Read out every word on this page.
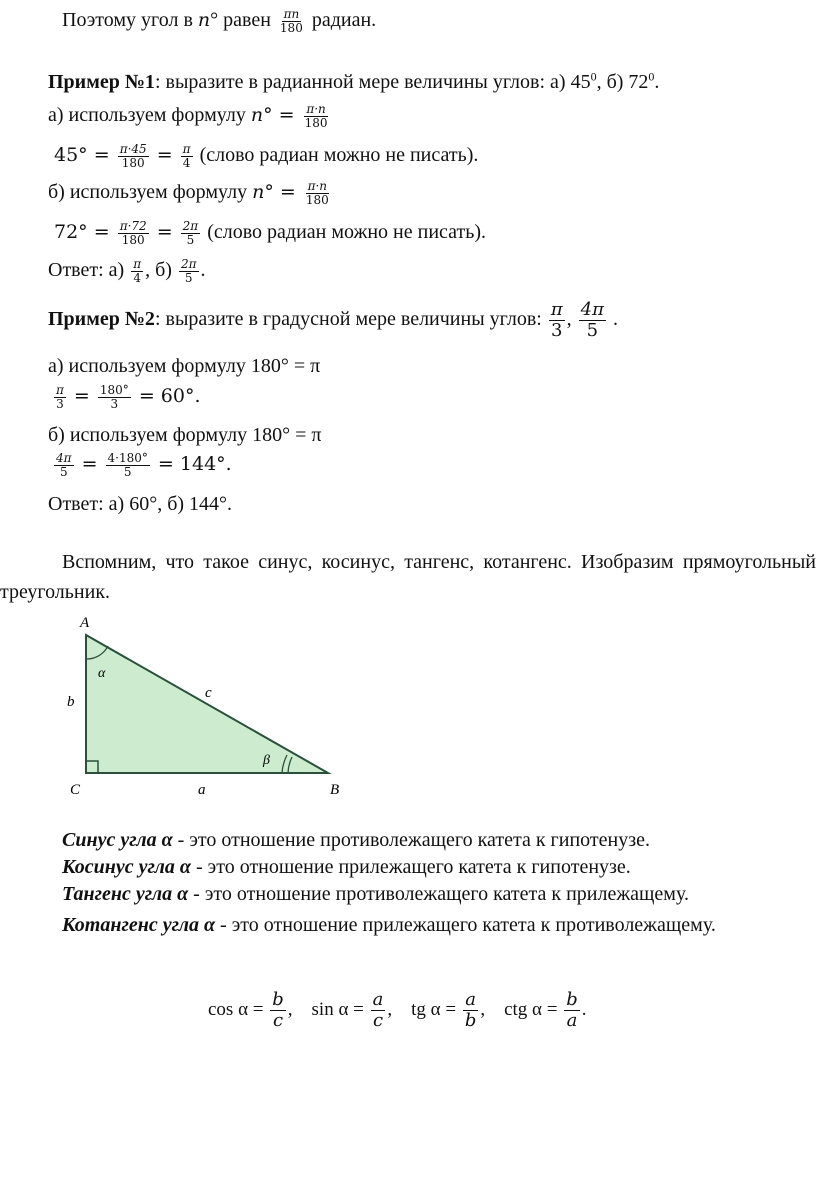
Поэтому угол в n° равен $\frac{\pi n}{180}$ радиан.
Пример №1: выразите в радианной мере величины углов: а) $45^0$, б) $72^0$.
а) используем формулу $n^\circ = \frac{\pi\cdot n}{180}$
$45^\circ = \frac{\pi\cdot 45}{180} = \frac{\pi}{4}$ (слово радиан можно не писать).
б) используем формулу $n^\circ = \frac{\pi\cdot n}{180}$
$72^\circ = \frac{\pi\cdot 72}{180} = \frac{2\pi}{5}$ (слово радиан можно не писать).
Ответ: $а) \frac{\pi}{4}$ , $б) \frac{2\pi}{5}$ .
Пример №2: выразите в градусной мере величины углов: $\frac{\pi}{3}$ , $\frac{4\pi}{5}$ .
а) используем формулу 180° = π
$\frac{\pi}{3} = \frac{180^\circ}{3} = 60^\circ$.
б) используем формулу 180° = π
$\frac{4\pi}{5} = \frac{4\cdot 180^\circ}{5} = 144^\circ$.
Ответ: а) 60°, б) 144°.
Вспомним, что такое синус, косинус, тангенс, котангенс. Изобразим прямоугольный треугольник.
A
C	B
b
c
a
α
β
Синус угла α - это отношение противолежащего катета к гипотенузе.
Косинус угла α - это отношение прилежащего катета к гипотенузе.
Тангенс угла α - это отношение противолежащего катета к прилежащему.
Котангенс угла α - это отношение прилежащего катета к противолежащему.
$\cos \alpha = \frac{b}{c}$ , $\sin \alpha = \frac{a}{c}$ , tg $\alpha = \frac{a}{b}$ , ctg $\alpha = \frac{b}{a}$ .
